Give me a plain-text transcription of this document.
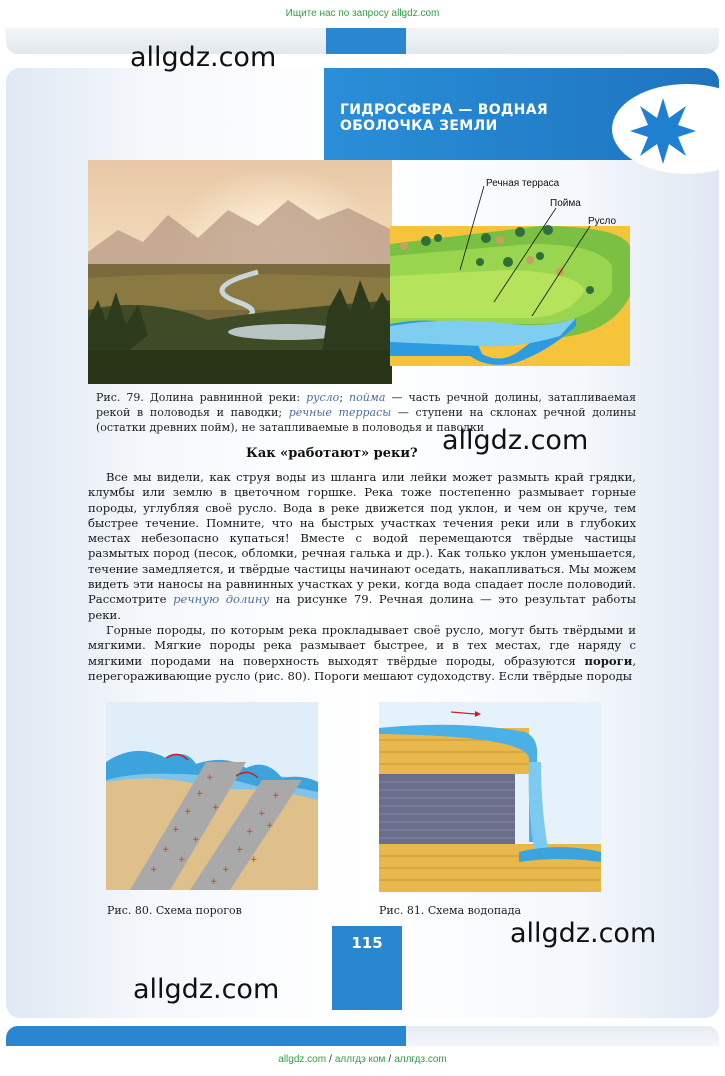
Ищите нас по запросу allgdz.com
ГИДРОСФЕРА — ВОДНАЯ
ОБОЛОЧКА ЗЕМЛИ
allgdz.com
allgdz.com
allgdz.com
allgdz.com
Речная терраса
Пойма
Русло
Рис. 79. Долина равнинной реки: русло; пойма — часть речной долины, затапливаемая рекой в половодья и паводки; речные террасы — ступени на склонах речной долины (остатки древних пойм), не затапливаемые в половодья и паводки
Как «работают» реки?

Все мы видели, как струя воды из шланга или лейки может размыть край грядки, клумбы или землю в цветочном горшке. Река тоже постепенно размывает горные породы, углубляя своё русло. Вода в реке движется под уклон, и чем он круче, тем быстрее течение. Помните, что на быстрых участках течения реки или в глубоких местах небезопасно купаться! Вместе с водой перемещаются твёрдые частицы размытых пород (песок, обломки, речная галька и др.). Как только уклон уменьшается, течение замедляется, и твёрдые частицы начинают оседать, накапливаться. Мы можем видеть эти наносы на равнинных участках у реки, когда вода спадает после половодий. Рассмотрите речную долину на рисунке 79. Речная долина — это результат работы реки.

Горные породы, по которым река прокладывает своё русло, могут быть твёрдыми и мягкими. Мягкие породы река размывает быстрее, и в тех местах, где наряду с мягкими породами на поверхность выходят твёрдые породы, образуются пороги, перегораживающие русло (рис. 80). Пороги мешают судоходству. Если твёрдые породы

+
+
+
+
+
+
+
+
+
+
+
+
+
+
+
+
+
Рис. 80. Схема порогов	Рис. 81. Схема водопада
115
allgdz.com / аллгдз ком / аллгдз.com
